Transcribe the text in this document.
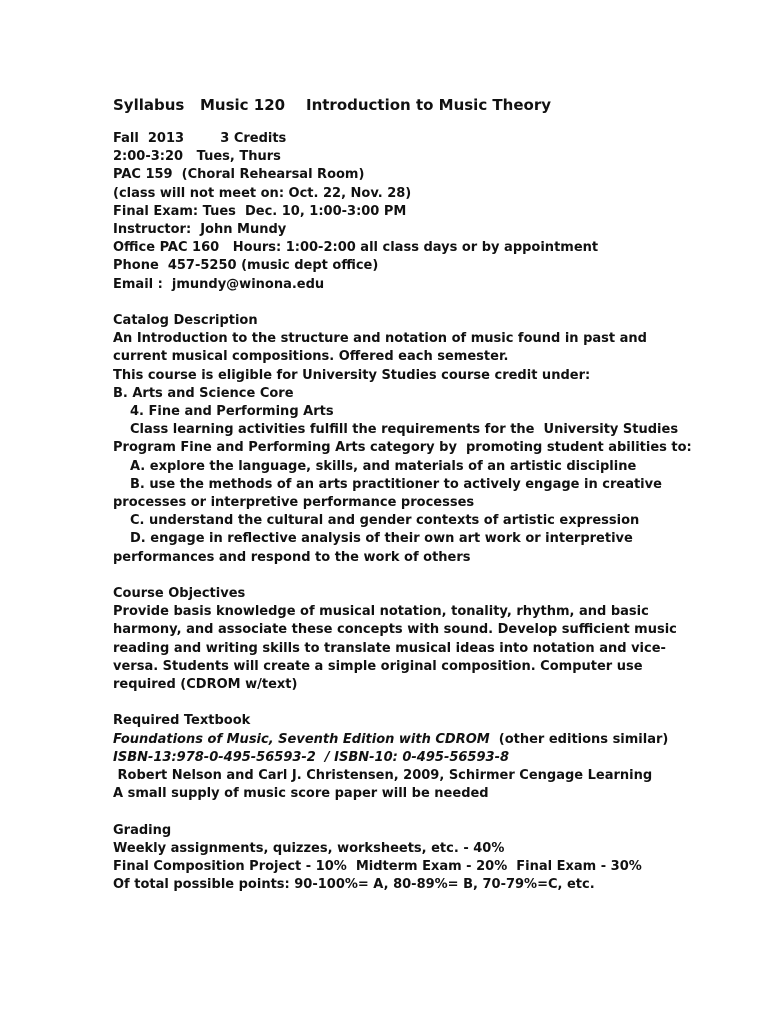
Syllabus   Music 120    Introduction to Music Theory
Fall  2013        3 Credits
2:00-3:20   Tues, Thurs
PAC 159  (Choral Rehearsal Room)
(class will not meet on: Oct. 22, Nov. 28)
Final Exam: Tues  Dec. 10, 1:00-3:00 PM
Instructor:  John Mundy
Office PAC 160   Hours: 1:00-2:00 all class days or by appointment
Phone  457-5250 (music dept office)
Email :  jmundy@winona.edu
Catalog Description
An Introduction to the structure and notation of music found in past and
current musical compositions. Offered each semester.
This course is eligible for University Studies course credit under:
B. Arts and Science Core
4. Fine and Performing Arts
Class learning activities fulfill the requirements for the  University Studies
Program Fine and Performing Arts category by  promoting student abilities to:
A. explore the language, skills, and materials of an artistic discipline
B. use the methods of an arts practitioner to actively engage in creative
processes or interpretive performance processes
C. understand the cultural and gender contexts of artistic expression
D. engage in reflective analysis of their own art work or interpretive
performances and respond to the work of others
Course Objectives
Provide basis knowledge of musical notation, tonality, rhythm, and basic
harmony, and associate these concepts with sound. Develop sufficient music
reading and writing skills to translate musical ideas into notation and vice-
versa. Students will create a simple original composition. Computer use
required (CDROM w/text)
Required Textbook
Foundations of Music, Seventh Edition with CDROM  (other editions similar)
ISBN-13:978-0-495-56593-2  / ISBN-10: 0-495-56593-8
Robert Nelson and Carl J. Christensen, 2009, Schirmer Cengage Learning
A small supply of music score paper will be needed
Grading
Weekly assignments, quizzes, worksheets, etc. - 40%
Final Composition Project - 10%  Midterm Exam - 20%  Final Exam - 30%
Of total possible points: 90-100%= A, 80-89%= B, 70-79%=C, etc.
